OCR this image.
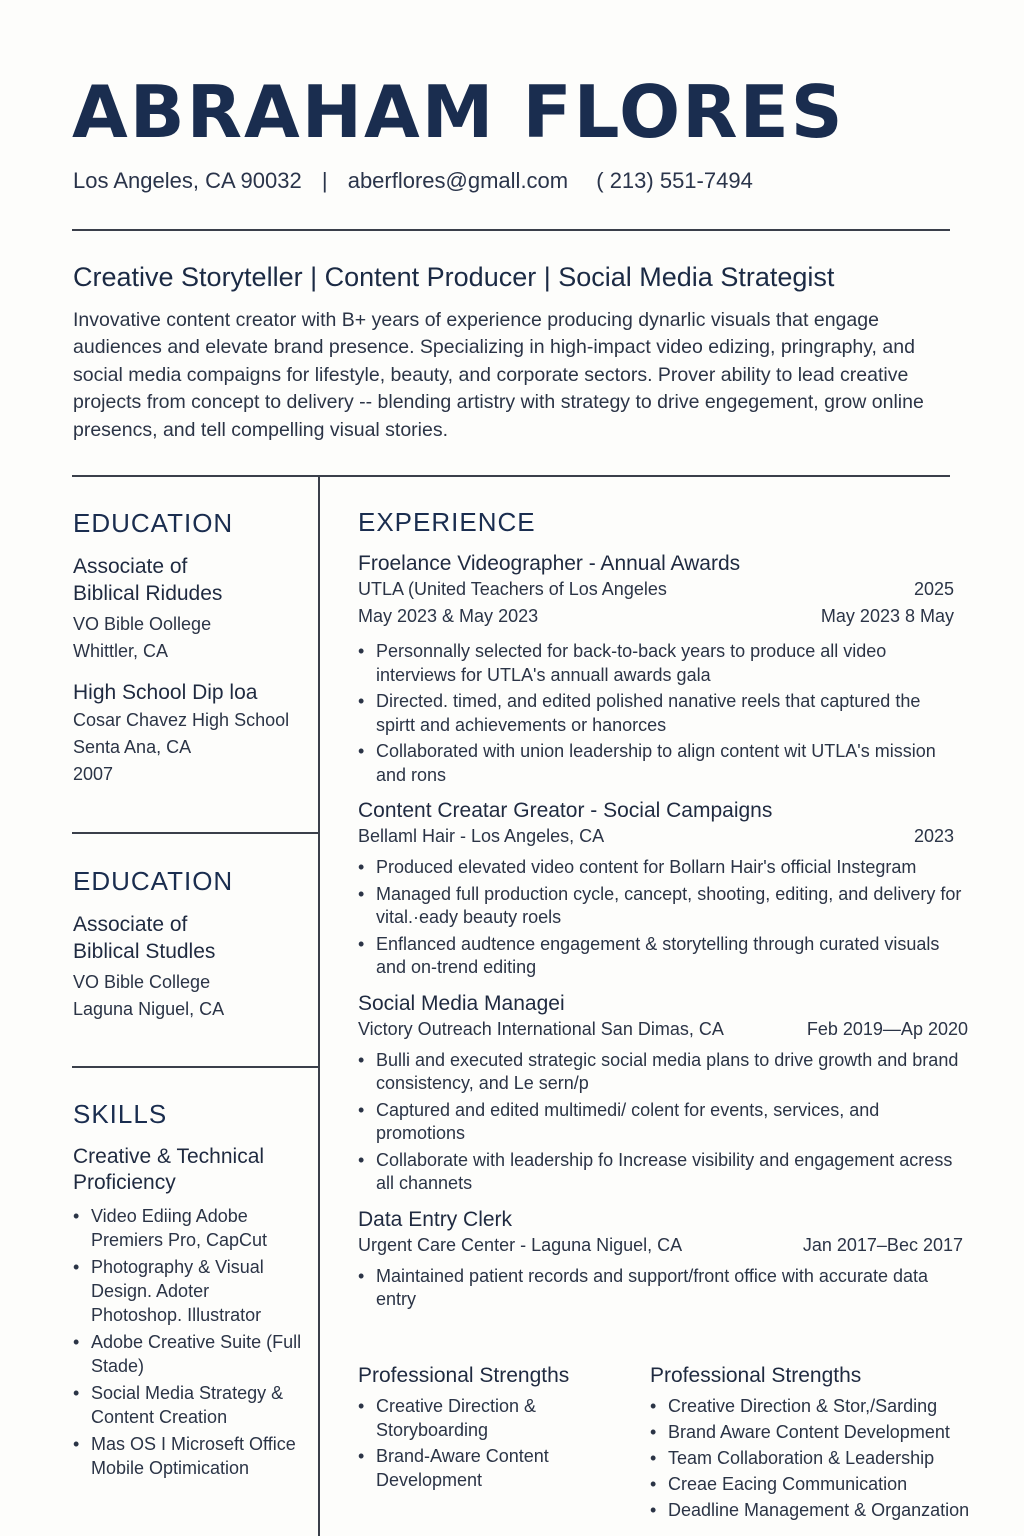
ABRAHAM FLORES
Los Angeles, CA 90032 | aberflores@gmall.com ( 213) 551-7494
Creative Storyteller | Content Producer | Social Media Strategist
Invovative content creator with B+ years of experience producing dynarlic visuals that engage audiences and elevate brand presence. Specializing in high-impact video edizing, pringraphy, and social media compaigns for lifestyle, beauty, and corporate sectors. Prover ability to lead creative projects from concept to delivery -- blending artistry with strategy to drive engegement, grow online presencs, and tell compelling visual stories.
EDUCATION
Associate of Biblical Ridudes
VO Bible Oollege
Whittler, CA
High School Dip loa
Cosar Chavez High School
Senta Ana, CA
2007
EDUCATION
Associate of Biblical Studles
VO Bible College
Laguna Niguel, CA
SKILLS
Creative & Technical Proficiency
• Video Ediing Adobe Premiers Pro, CapCut
• Photography & Visual Design. Adoter Photoshop. Illustrator
• Adobe Creative Suite (Full Stade)
• Social Media Strategy & Content Creation
• Mas OS I Microseft Office Mobile Optimication
EXPERIENCE
Froelance Videographer - Annual Awards
UTLA (United Teachers of Los Angeles	2025
May 2023 & May 2023	May 2023 8 May
• Personnally selected for back-to-back years to produce all video interviews for UTLA's annuall awards gala
• Directed. timed, and edited polished nanative reels that captured the spirtt and achievements or hanorces
• Collaborated with union leadership to align content wit UTLA's mission and rons
Content Creatar Greator - Social Campaigns
Bellaml Hair - Los Angeles, CA	2023
• Produced elevated video content for Bollarn Hair's official Instegram
• Managed full production cycle, cancept, shooting, editing, and delivery for vital.·eady beauty roels
• Enflanced audtence engagement & storytelling through curated visuals and on-trend editing
Social Media Managei
Victory Outreach International San Dimas, CA	Feb 2019—Ap 2020
• Bulli and executed strategic social media plans to drive growth and brand consistency, and Le sern/p
• Captured and edited multimedi/ colent for events, services, and promotions
• Collaborate with leadership fo Increase visibility and engagement acress all channets
Data Entry Clerk
Urgent Care Center - Laguna Niguel, CA	Jan 2017–Bec 2017
• Maintained patient records and support/front office with accurate data entry
Professional Strengths
• Creative Direction & Storyboarding
• Brand-Aware Content Development
Professional Strengths
• Creative Direction & Stor,/Sarding
• Brand Aware Content Development
• Team Collaboration & Leadership
• Creae Eacing Communication
• Deadline Management & Organzation
